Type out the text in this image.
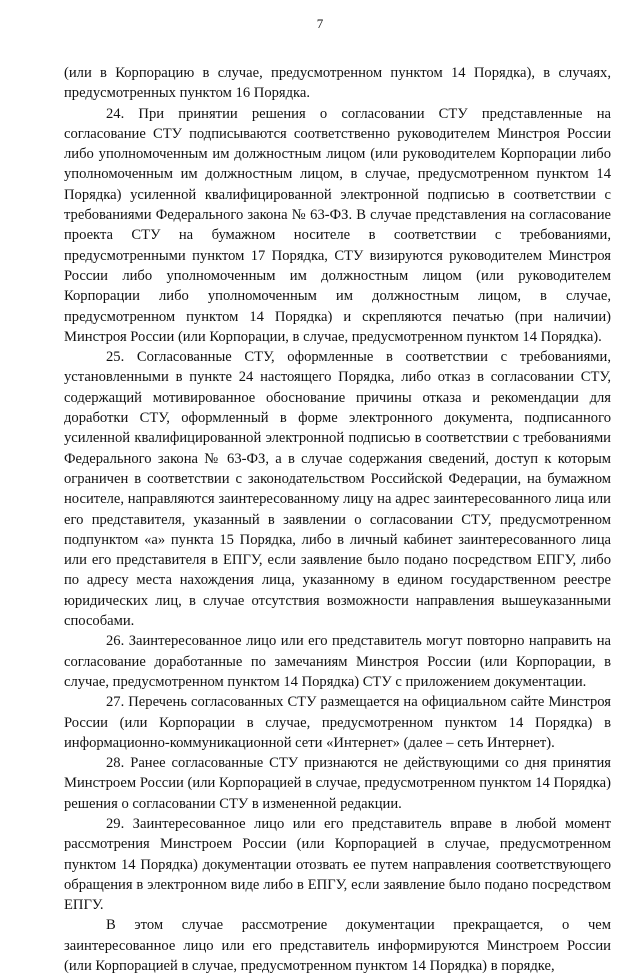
7

(или в Корпорацию в случае, предусмотренном пунктом 14 Порядка), в случаях, предусмотренных пунктом 16 Порядка.

24. При принятии решения о согласовании СТУ представленные на согласование СТУ подписываются соответственно руководителем Минстроя России либо уполномоченным им должностным лицом (или руководителем Корпорации либо уполномоченным им должностным лицом, в случае, предусмотренном пунктом 14 Порядка) усиленной квалифицированной электронной подписью в соответствии с требованиями Федерального закона № 63-ФЗ. В случае представления на согласование проекта СТУ на бумажном носителе в соответствии с требованиями, предусмотренными пунктом 17 Порядка, СТУ визируются руководителем Минстроя России либо уполномоченным им должностным лицом (или руководителем Корпорации либо уполномоченным им должностным лицом, в случае, предусмотренном пунктом 14 Порядка) и скрепляются печатью (при наличии) Минстроя России (или Корпорации, в случае, предусмотренном пунктом 14 Порядка).

25. Согласованные СТУ, оформленные в соответствии с требованиями, установленными в пункте 24 настоящего Порядка, либо отказ в согласовании СТУ, содержащий мотивированное обоснование причины отказа и рекомендации для доработки СТУ, оформленный в форме электронного документа, подписанного усиленной квалифицированной электронной подписью в соответствии с требованиями Федерального закона № 63-ФЗ, а в случае содержания сведений, доступ к которым ограничен в соответствии с законодательством Российской Федерации, на бумажном носителе, направляются заинтересованному лицу на адрес заинтересованного лица или его представителя, указанный в заявлении о согласовании СТУ, предусмотренном подпунктом «а» пункта 15 Порядка, либо в личный кабинет заинтересованного лица или его представителя в ЕПГУ, если заявление было подано посредством ЕПГУ, либо по адресу места нахождения лица, указанному в едином государственном реестре юридических лиц, в случае отсутствия возможности направления вышеуказанными способами.

26. Заинтересованное лицо или его представитель могут повторно направить на согласование доработанные по замечаниям Минстроя России (или Корпорации, в случае, предусмотренном пунктом 14 Порядка) СТУ с приложением документации.

27. Перечень согласованных СТУ размещается на официальном сайте Минстроя России (или Корпорации в случае, предусмотренном пунктом 14 Порядка) в информационно-коммуникационной сети «Интернет» (далее – сеть Интернет).

28. Ранее согласованные СТУ признаются не действующими со дня принятия Минстроем России (или Корпорацией в случае, предусмотренном пунктом 14 Порядка) решения о согласовании СТУ в измененной редакции.

29. Заинтересованное лицо или его представитель вправе в любой момент рассмотрения Минстроем России (или Корпорацией в случае, предусмотренном пунктом 14 Порядка) документации отозвать ее путем направления соответствующего обращения в электронном виде либо в ЕПГУ, если заявление было подано посредством ЕПГУ.

В этом случае рассмотрение документации прекращается, о чем заинтересованное лицо или его представитель информируются Минстроем России (или Корпорацией в случае, предусмотренном пунктом 14 Порядка) в порядке,
